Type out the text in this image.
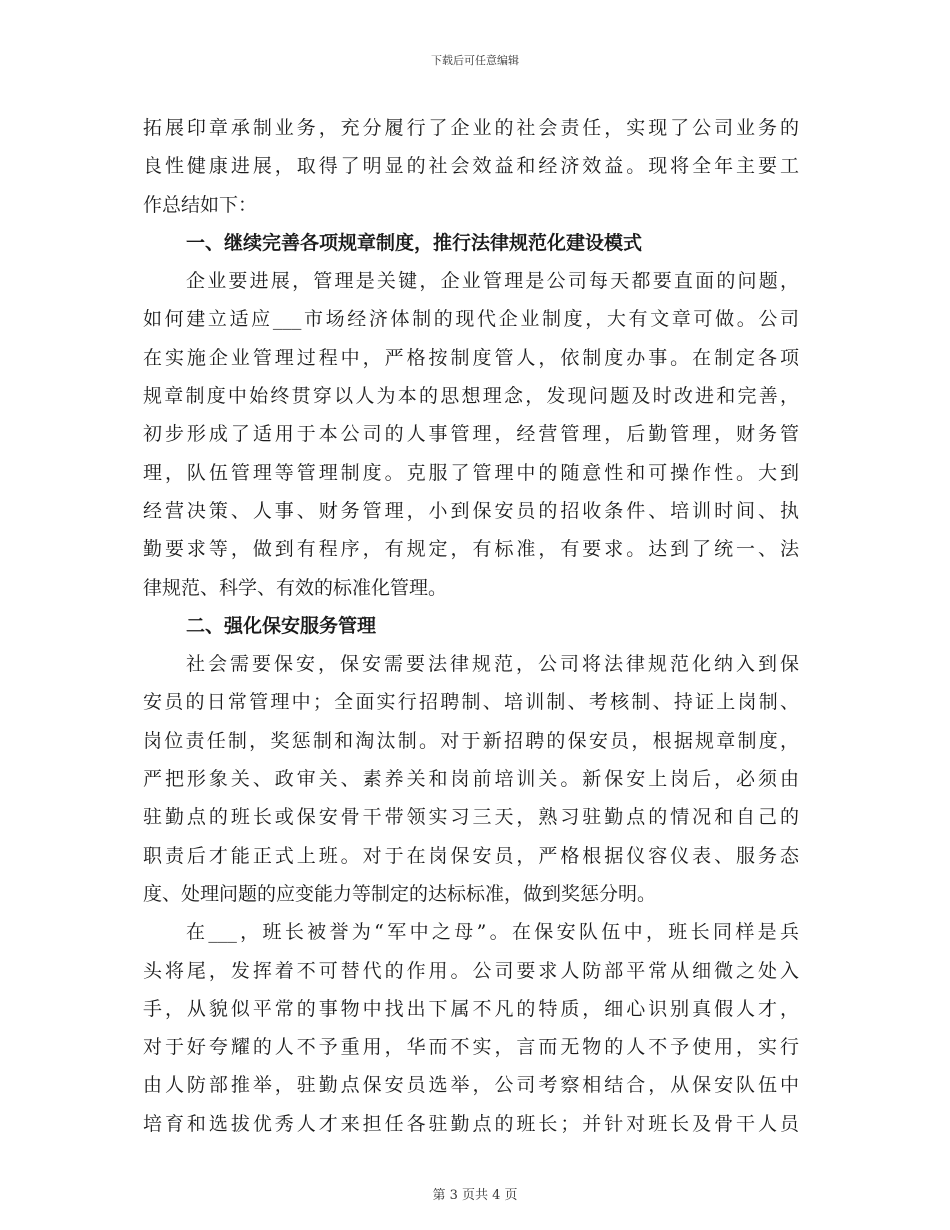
下载后可任意编辑
拓展印章承制业务，充分履行了企业的社会责任，实现了公司业务的
良性健康进展，取得了明显的社会效益和经济效益。现将全年主要工
作总结如下：
一、继续完善各项规章制度，推行法律规范化建设模式
企业要进展，管理是关键，企业管理是公司每天都要直面的问题，
如何建立适应___市场经济体制的现代企业制度，大有文章可做。公司
在实施企业管理过程中，严格按制度管人，依制度办事。在制定各项
规章制度中始终贯穿以人为本的思想理念，发现问题及时改进和完善，
初步形成了适用于本公司的人事管理，经营管理，后勤管理，财务管
理，队伍管理等管理制度。克服了管理中的随意性和可操作性。大到
经营决策、人事、财务管理，小到保安员的招收条件、培训时间、执
勤要求等，做到有程序，有规定，有标准，有要求。达到了统一、法
律规范、科学、有效的标准化管理。
二、强化保安服务管理
社会需要保安，保安需要法律规范，公司将法律规范化纳入到保
安员的日常管理中；全面实行招聘制、培训制、考核制、持证上岗制、
岗位责任制，奖惩制和淘汰制。对于新招聘的保安员，根据规章制度，
严把形象关、政审关、素养关和岗前培训关。新保安上岗后，必须由
驻勤点的班长或保安骨干带领实习三天，熟习驻勤点的情况和自己的
职责后才能正式上班。对于在岗保安员，严格根据仪容仪表、服务态
度、处理问题的应变能力等制定的达标标准，做到奖惩分明。
在___，班长被誉为“军中之母”。在保安队伍中，班长同样是兵
头将尾，发挥着不可替代的作用。公司要求人防部平常从细微之处入
手，从貌似平常的事物中找出下属不凡的特质，细心识别真假人才，
对于好夸耀的人不予重用，华而不实，言而无物的人不予使用，实行
由人防部推举，驻勤点保安员选举，公司考察相结合，从保安队伍中
培育和选拔优秀人才来担任各驻勤点的班长；并针对班长及骨干人员
第 3 页共 4 页
